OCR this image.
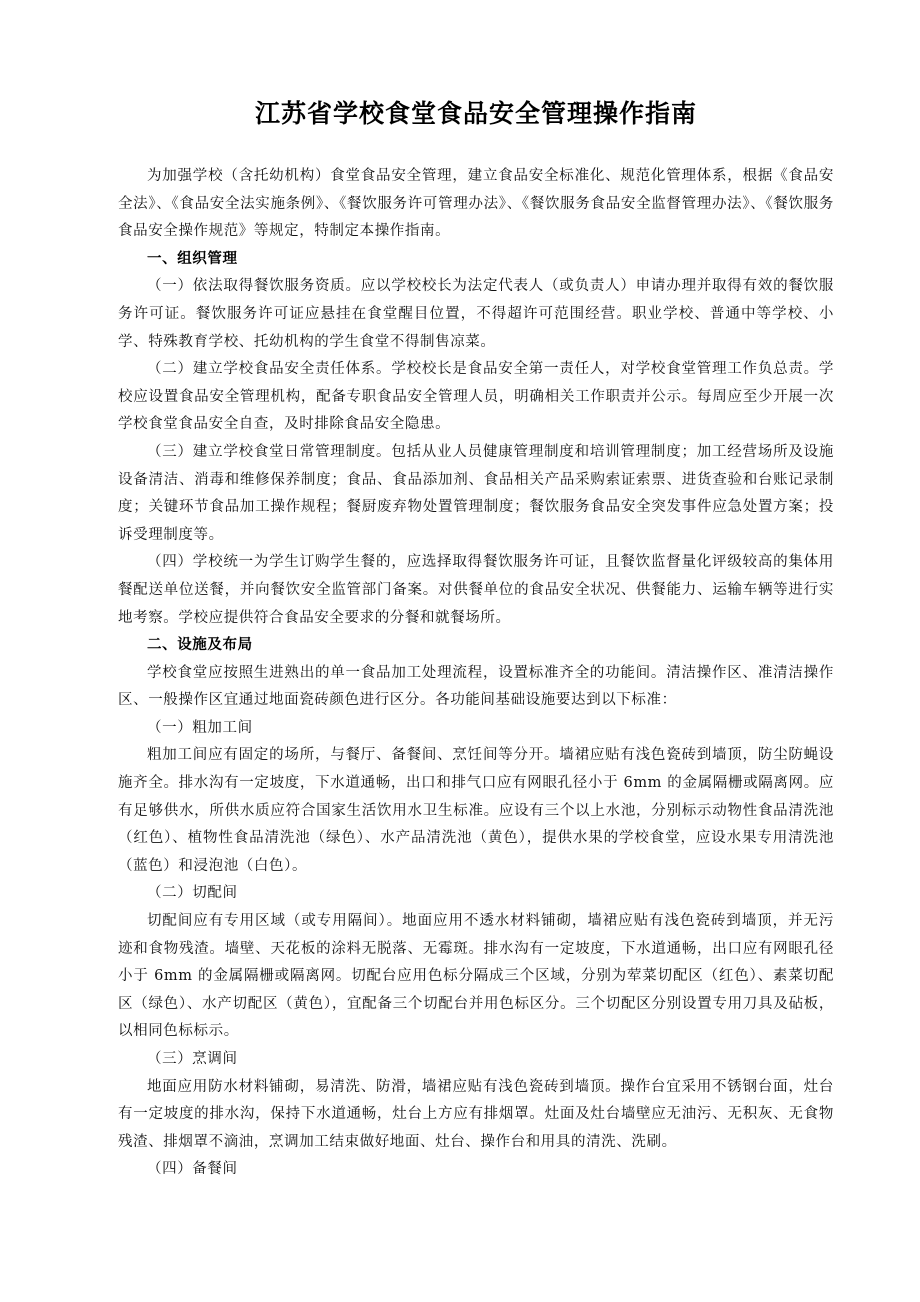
江苏省学校食堂食品安全管理操作指南

为加强学校（含托幼机构）食堂食品安全管理，建立食品安全标准化、规范化管理体系，根据《食品安全法》、《食品安全法实施条例》、《餐饮服务许可管理办法》、《餐饮服务食品安全监督管理办法》、《餐饮服务食品安全操作规范》等规定，特制定本操作指南。

一、组织管理

（一）依法取得餐饮服务资质。应以学校校长为法定代表人（或负责人）申请办理并取得有效的餐饮服务许可证。餐饮服务许可证应悬挂在食堂醒目位置，不得超许可范围经营。职业学校、普通中等学校、小学、特殊教育学校、托幼机构的学生食堂不得制售凉菜。

（二）建立学校食品安全责任体系。学校校长是食品安全第一责任人，对学校食堂管理工作负总责。学校应设置食品安全管理机构，配备专职食品安全管理人员，明确相关工作职责并公示。每周应至少开展一次学校食堂食品安全自查，及时排除食品安全隐患。

（三）建立学校食堂日常管理制度。包括从业人员健康管理制度和培训管理制度；加工经营场所及设施设备清洁、消毒和维修保养制度；食品、食品添加剂、食品相关产品采购索证索票、进货查验和台账记录制度；关键环节食品加工操作规程；餐厨废弃物处置管理制度；餐饮服务食品安全突发事件应急处置方案；投诉受理制度等。

（四）学校统一为学生订购学生餐的，应选择取得餐饮服务许可证，且餐饮监督量化评级较高的集体用餐配送单位送餐，并向餐饮安全监管部门备案。对供餐单位的食品安全状况、供餐能力、运输车辆等进行实地考察。学校应提供符合食品安全要求的分餐和就餐场所。

二、设施及布局

学校食堂应按照生进熟出的单一食品加工处理流程，设置标准齐全的功能间。清洁操作区、准清洁操作区、一般操作区宜通过地面瓷砖颜色进行区分。各功能间基础设施要达到以下标准：

（一）粗加工间

粗加工间应有固定的场所，与餐厅、备餐间、烹饪间等分开。墙裙应贴有浅色瓷砖到墙顶，防尘防蝇设施齐全。排水沟有一定坡度，下水道通畅，出口和排气口应有网眼孔径小于 6mm 的金属隔栅或隔离网。应有足够供水，所供水质应符合国家生活饮用水卫生标准。应设有三个以上水池，分别标示动物性食品清洗池（红色）、植物性食品清洗池（绿色）、水产品清洗池（黄色），提供水果的学校食堂，应设水果专用清洗池（蓝色）和浸泡池（白色）。

（二）切配间

切配间应有专用区域（或专用隔间）。地面应用不透水材料铺砌，墙裙应贴有浅色瓷砖到墙顶，并无污迹和食物残渣。墙壁、天花板的涂料无脱落、无霉斑。排水沟有一定坡度，下水道通畅，出口应有网眼孔径小于 6mm 的金属隔栅或隔离网。切配台应用色标分隔成三个区域，分别为荤菜切配区（红色）、素菜切配区（绿色）、水产切配区（黄色），宜配备三个切配台并用色标区分。三个切配区分别设置专用刀具及砧板，以相同色标标示。

（三）烹调间

地面应用防水材料铺砌，易清洗、防滑，墙裙应贴有浅色瓷砖到墙顶。操作台宜采用不锈钢台面，灶台有一定坡度的排水沟，保持下水道通畅，灶台上方应有排烟罩。灶面及灶台墙壁应无油污、无积灰、无食物残渣、排烟罩不滴油，烹调加工结束做好地面、灶台、操作台和用具的清洗、洗刷。

（四）备餐间
